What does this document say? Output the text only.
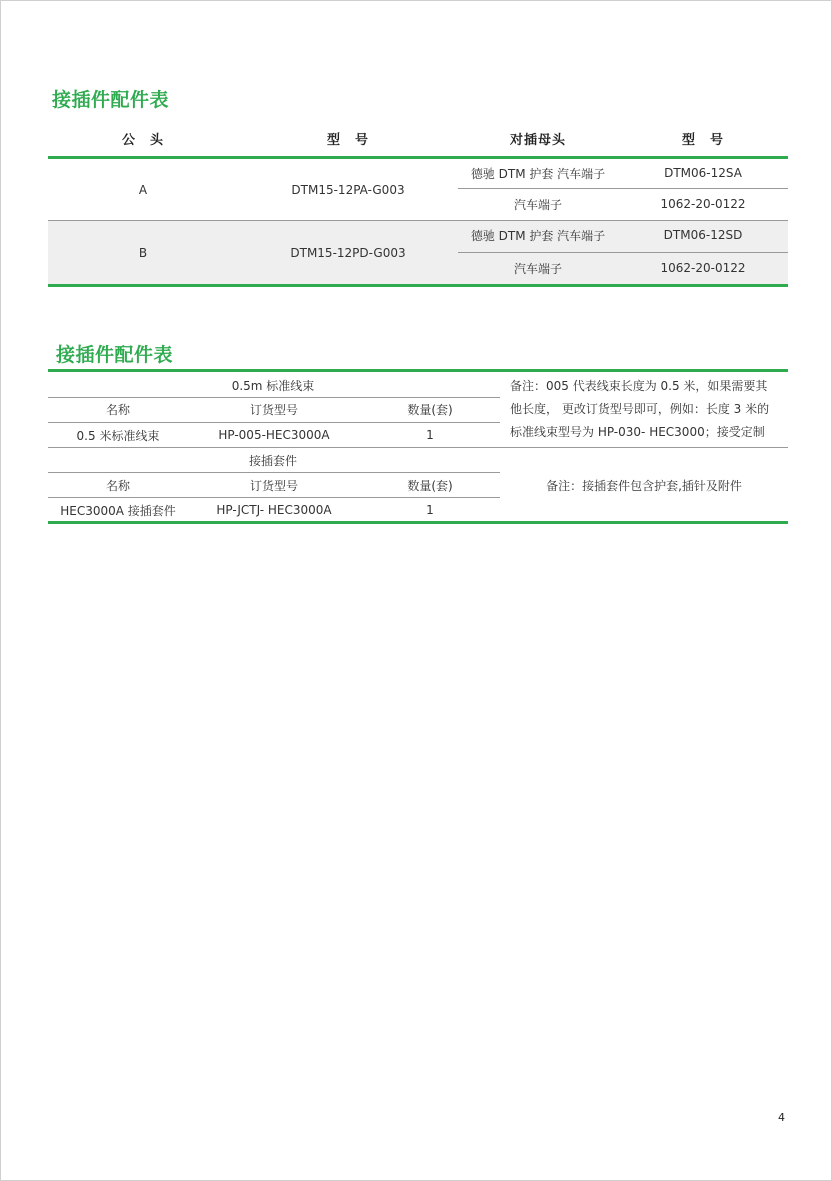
接插件配件表
公　头	型　号	对插母头	型　号
A	DTM15-12PA-G003
德驰 DTM 护套 汽车端子	DTM06-12SA
汽车端子	1062-20-0122
B	DTM15-12PD-G003
德驰 DTM 护套 汽车端子	DTM06-12SD
汽车端子	1062-20-0122
接插件配件表
0.5m 标准线束
名称	订货型号	数量(套)
0.5 米标准线束	HP-005-HEC3000A	1
备注：005 代表线束长度为 0.5 米，如果需要其
他长度， 更改订货型号即可，例如：长度 3 米的
标准线束型号为 HP-030- HEC3000；接受定制
接插套件
名称	订货型号	数量(套)
HEC3000A 接插套件	HP-JCTJ- HEC3000A	1
备注：接插套件包含护套,插针及附件
4
